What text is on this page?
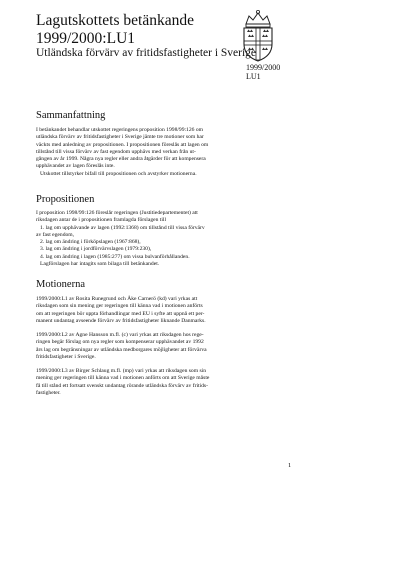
Lagutskottets betänkande
1999/2000:LU1
Utländska förvärv av fritidsfastigheter i Sverige
1999/2000
LU1
Sammanfattning
I betänkandet behandlar utskottet regeringens proposition 1998/99:126 om
utländska förvärv av fritidsfastigheter i Sverige jämte tre motioner som har
väckts med anledning av propositionen. I propositionen föreslås att lagen om
tillstånd till vissa förvärv av fast egendom upphävs med verkan från ut-
gången av år 1999. Några nya regler eller andra åtgärder för att kompensera
upphävandet av lagen föreslås inte.
Utskottet tillstyrker bifall till propositionen och avstyrker motionerna.
Propositionen
I proposition 1998/99:126 föreslår regeringen (Justitiedepartementet) att
riksdagen antar de i propositionen framlagda förslagen till
1. lag om upphävande av lagen (1992:1368) om tillstånd till vissa förvärv
av fast egendom,
2. lag om ändring i förköpslagen (1967:868),
3. lag om ändring i jordförvärvslagen (1979:230),
4. lag om ändring i lagen (1985:277) om vissa bulvanförhållanden.
Lagförslagen har intagits som bilaga till betänkandet.
Motionerna
1999/2000:L1 av Rosita Runegrund och Åke Carnerö (kd) vari yrkas att
riksdagen som sin mening ger regeringen till känna vad i motionen anförts
om att regeringen bör uppta förhandlingar med EU i syfte att uppnå ett per-
manent undantag avseende förvärv av fritidsfastigheter liknande Danmarks.
1999/2000:L2 av Agne Hansson m.fl. (c) vari yrkas att riksdagen hos rege-
ringen begär förslag om nya regler som kompenserar upphävandet av 1992
års lag om begränsningar av utländska medborgares möjligheter att förvärva
fritidsfastigheter i Sverige.
1999/2000:L3 av Birger Schlaug m.fl. (mp) vari yrkas att riksdagen som sin
mening ger regeringen till känna vad i motionen anförts om att Sverige måste
få till stånd ett fortsatt svenskt undantag rörande utländska förvärv av fritids-
fastigheter.
1
